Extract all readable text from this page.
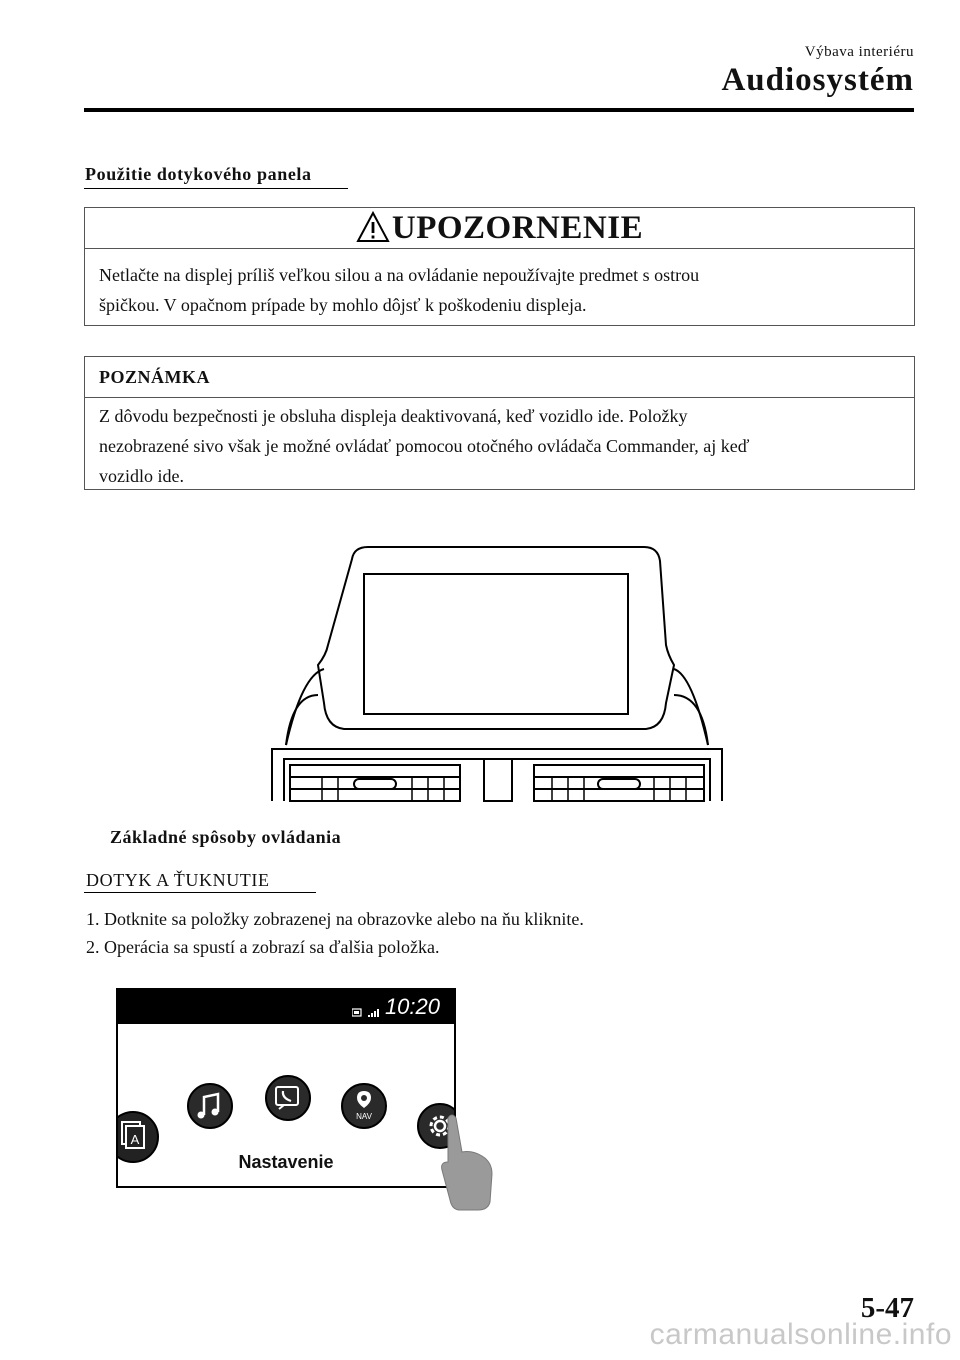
Výbava interiéru
Audiosystém
Použitie dotykového panela
UPOZORNENIE
Netlačte na displej príliš veľkou silou a na ovládanie nepoužívajte predmet s ostrou
špičkou. V opačnom prípade by mohlo dôjsť k poškodeniu displeja.
POZNÁMKA
Z dôvodu bezpečnosti je obsluha displeja deaktivovaná, keď vozidlo ide. Položky
nezobrazené sivo však je možné ovládať pomocou otočného ovládača Commander, aj keď
vozidlo ide.
Základné spôsoby ovládania
DOTYK A ŤUKNUTIE
1. Dotknite sa položky zobrazenej na obrazovke alebo na ňu kliknite.
2. Operácia sa spustí a zobrazí sa ďalšia položka.
10:20
A
NAV
Nastavenie
5-47
carmanualsonline.info
